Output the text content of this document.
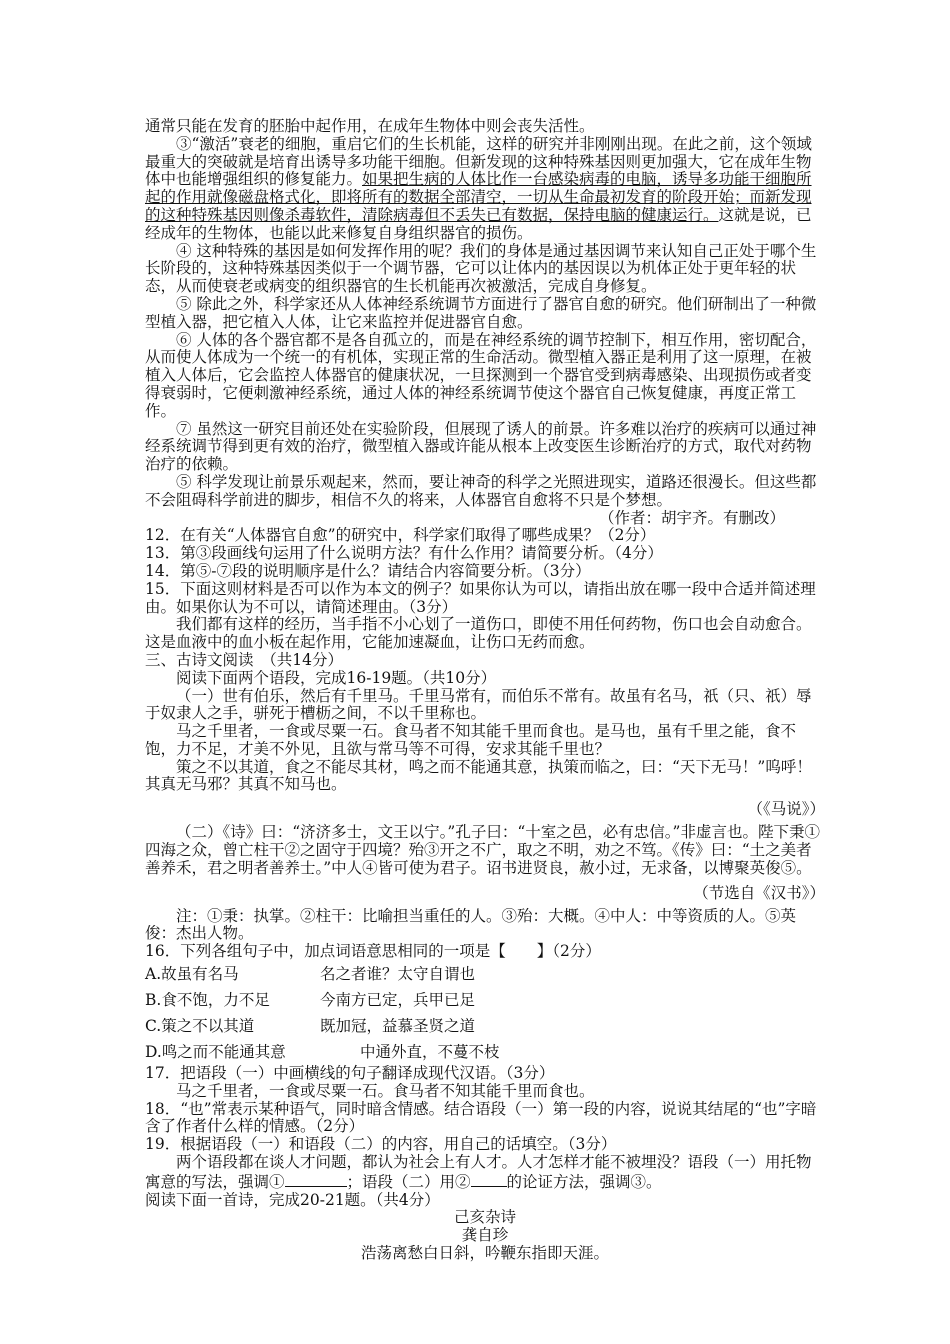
通常只能在发育的胚胎中起作用，在成年生物体中则会丧失活性。

③“激活”衰老的细胞，重启它们的生长机能，这样的研究并非刚刚出现。在此之前，这个领域最重大的突破就是培育出诱导多功能干细胞。但新发现的这种特殊基因则更加强大，它在成年生物体中也能增强组织的修复能力。如果把生病的人体比作一台感染病毒的电脑，诱导多功能干细胞所起的作用就像磁盘格式化，即将所有的数据全部清空，一切从生命最初发育的阶段开始；而新发现的这种特殊基因则像杀毒软件，清除病毒但不丢失已有数据，保持电脑的健康运行。这就是说，已经成年的生物体，也能以此来修复自身组织器官的损伤。

④ 这种特殊的基因是如何发挥作用的呢？我们的身体是通过基因调节来认知自己正处于哪个生长阶段的，这种特殊基因类似于一个调节器，它可以让体内的基因误以为机体正处于更年轻的状态，从而使衰老或病变的组织器官的生长机能再次被激活，完成自身修复。

⑤ 除此之外，科学家还从人体神经系统调节方面进行了器官自愈的研究。他们研制出了一种微型植入器，把它植入人体，让它来监控并促进器官自愈。

⑥ 人体的各个器官都不是各自孤立的，而是在神经系统的调节控制下，相互作用，密切配合，从而使人体成为一个统一的有机体，实现正常的生命活动。微型植入器正是利用了这一原理，在被植入人体后，它会监控人体器官的健康状况，一旦探测到一个器官受到病毒感染、出现损伤或者变得衰弱时，它便刺激神经系统，通过人体的神经系统调节使这个器官自己恢复健康，再度正常工作。

⑦ 虽然这一研究目前还处在实验阶段，但展现了诱人的前景。许多难以治疗的疾病可以通过神经系统调节得到更有效的治疗，微型植入器或许能从根本上改变医生诊断治疗的方式，取代对药物治疗的依赖。

⑤ 科学发现让前景乐观起来，然而，要让神奇的科学之光照进现实，道路还很漫长。但这些都不会阻碍科学前进的脚步，相信不久的将来，人体器官自愈将不只是个梦想。

（作者：胡宇齐。有删改）

12．在有关“人体器官自愈”的研究中，科学家们取得了哪些成果？（2分）

13．第③段画线句运用了什么说明方法？有什么作用？请简要分析。（4分）

14．第⑤-⑦段的说明顺序是什么？请结合内容简要分析。（3分）

15．下面这则材料是否可以作为本文的例子？如果你认为可以，请指出放在哪一段中合适并简述理由。如果你认为不可以，请简述理由。（3分）

我们都有这样的经历，当手指不小心划了一道伤口，即使不用任何药物，伤口也会自动愈合。这是血液中的血小板在起作用，它能加速凝血，让伤口无药而愈。

三、古诗文阅读　（共14分）

阅读下面两个语段，完成16-19题。（共10分）

（一）世有伯乐，然后有千里马。千里马常有，而伯乐不常有。故虽有名马，祇（只、祇）辱于奴隶人之手，骈死于槽枥之间，不以千里称也。

马之千里者，一食或尽粟一石。食马者不知其能千里而食也。是马也，虽有千里之能，食不饱，力不足，才美不外见，且欲与常马等不可得，安求其能千里也？

策之不以其道，食之不能尽其材，鸣之而不能通其意，执策而临之，曰：“天下无马！”呜呼！其真无马邪？其真不知马也。

（《马说》）

（二）《诗》曰：“济济多士，文王以宁。”孔子曰：“十室之邑，必有忠信。”非虚言也。陛下秉①四海之众，曾亡柱干②之固守于四境？殆③开之不广，取之不明，劝之不笃。《传》曰：“土之美者善养禾，君之明者善养士。”中人④皆可使为君子。诏书进贤良，赦小过，无求备，以博聚英俊⑤。

（节选自《汉书》）

注：①秉：执掌。②柱干：比喻担当重任的人。③殆：大概。④中人：中等资质的人。⑤英俊：杰出人物。

16．下列各组句子中，加点词语意思相同的一项是【　　】（2分）

A.故虽有名马	名之者谁？太守自谓也
B.食不饱，力不足	今南方已定，兵甲已足
C.策之不以其道	既加冠，益慕圣贤之道
D.鸣之而不能通其意	中通外直，不蔓不枝

17．把语段（一）中画横线的句子翻译成现代汉语。（3分）

马之千里者，一食或尽粟一石。食马者不知其能千里而食也。

18．“也”常表示某种语气，同时暗含情感。结合语段（一）第一段的内容，说说其结尾的“也”字暗含了作者什么样的情感。（2分）

19．根据语段（一）和语段（二）的内容，用自己的话填空。（3分）

两个语段都在谈人才问题，都认为社会上有人才。人才怎样才能不被埋没？语段（一）用托物寓意的写法，强调①	；语段（二）用② 的论证方法，强调③。

阅读下面一首诗，完成20-21题。（共4分）

己亥杂诗

龚自珍

浩荡离愁白日斜，吟鞭东指即天涯。
